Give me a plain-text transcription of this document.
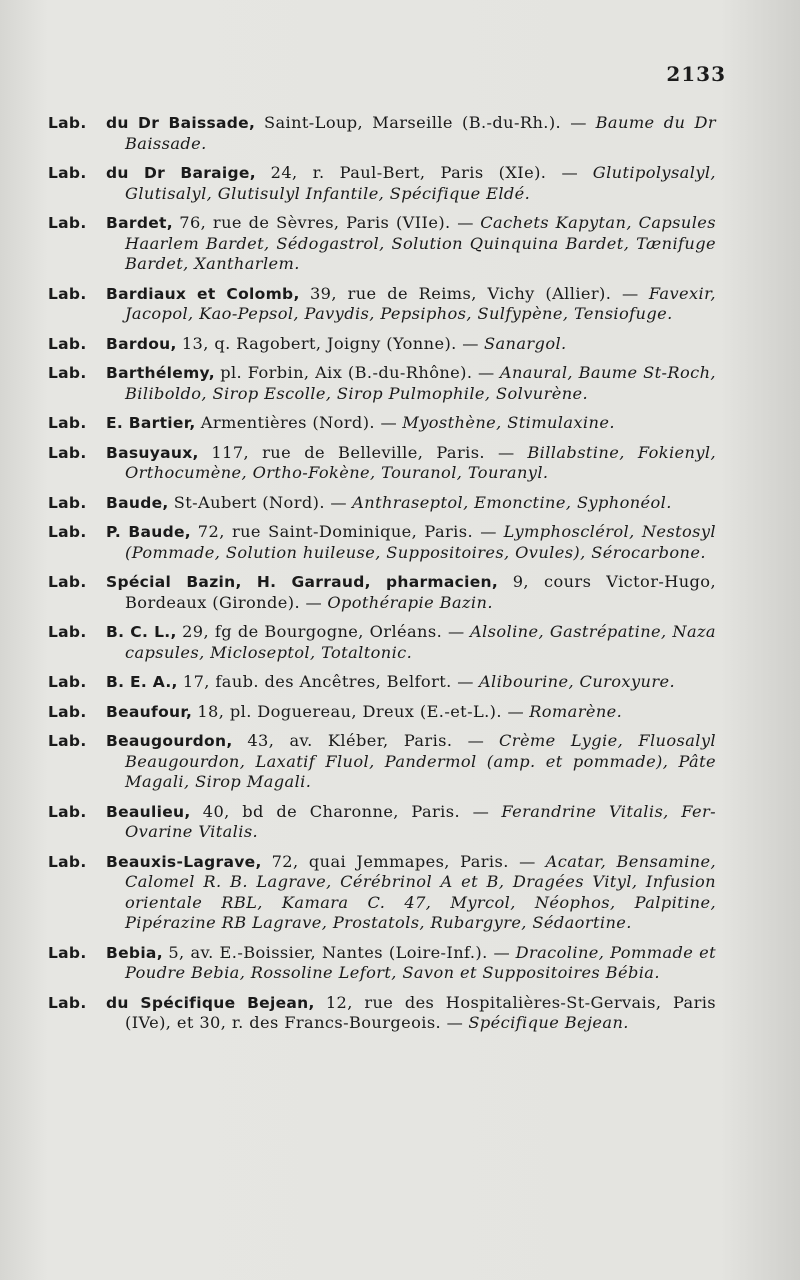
2133

Lab. du Dr Baissade, Saint-Loup, Marseille (B.-du-Rh.). — Baume du Dr Baissade.

Lab. du Dr Baraige, 24, r. Paul-Bert, Paris (XIe). — Glutipolysalyl, Glutisalyl, Glutisulyl Infantile, Spécifique Eldé.

Lab. Bardet, 76, rue de Sèvres, Paris (VIIe). — Cachets Kapytan, Capsules Haarlem Bardet, Sédogastrol, Solution Quinquina Bardet, Tænifuge Bardet, Xantharlem.

Lab. Bardiaux et Colomb, 39, rue de Reims, Vichy (Allier). — Favexir, Jacopol, Kao-Pepsol, Pavydis, Pepsiphos, Sulfypène, Tensiofuge.

Lab. Bardou, 13, q. Ragobert, Joigny (Yonne). — Sanargol.

Lab. Barthélemy, pl. Forbin, Aix (B.-du-Rhône). — Anaural, Baume St-Roch, Biliboldo, Sirop Escolle, Sirop Pulmophile, Solvurène.

Lab. E. Bartier, Armentières (Nord). — Myosthène, Stimulaxine.

Lab. Basuyaux, 117, rue de Belleville, Paris. — Billabstine, Fokienyl, Orthocumène, Ortho-Fokène, Touranol, Touranyl.

Lab. Baude, St-Aubert (Nord). — Anthraseptol, Emonctine, Syphonéol.

Lab. P. Baude, 72, rue Saint-Dominique, Paris. — Lymphosclérol, Nestosyl (Pommade, Solution huileuse, Suppositoires, Ovules), Sérocarbone.

Lab. Spécial Bazin, H. Garraud, pharmacien, 9, cours Victor-Hugo, Bordeaux (Gironde). — Opothérapie Bazin.

Lab. B. C. L., 29, fg de Bourgogne, Orléans. — Alsoline, Gastrépatine, Naza capsules, Micloseptol, Totaltonic.

Lab. B. E. A., 17, faub. des Ancêtres, Belfort. — Alibourine, Curoxyure.

Lab. Beaufour, 18, pl. Doguereau, Dreux (E.-et-L.). — Romarène.

Lab. Beaugourdon, 43, av. Kléber, Paris. — Crème Lygie, Fluosalyl Beaugourdon, Laxatif Fluol, Pandermol (amp. et pommade), Pâte Magali, Sirop Magali.

Lab. Beaulieu, 40, bd de Charonne, Paris. — Ferandrine Vitalis, Fer-Ovarine Vitalis.

Lab. Beauxis-Lagrave, 72, quai Jemmapes, Paris. — Acatar, Bensamine, Calomel R. B. Lagrave, Cérébrinol A et B, Dragées Vityl, Infusion orientale RBL, Kamara C. 47, Myrcol, Néophos, Palpitine, Pipérazine RB Lagrave, Prostatols, Rubargyre, Sédaortine.

Lab. Bebia, 5, av. E.-Boissier, Nantes (Loire-Inf.). — Dracoline, Pommade et Poudre Bebia, Rossoline Lefort, Savon et Suppositoires Bébia.

Lab. du Spécifique Bejean, 12, rue des Hospitalières-St-Gervais, Paris (IVe), et 30, r. des Francs-Bourgeois. — Spécifique Bejean.
